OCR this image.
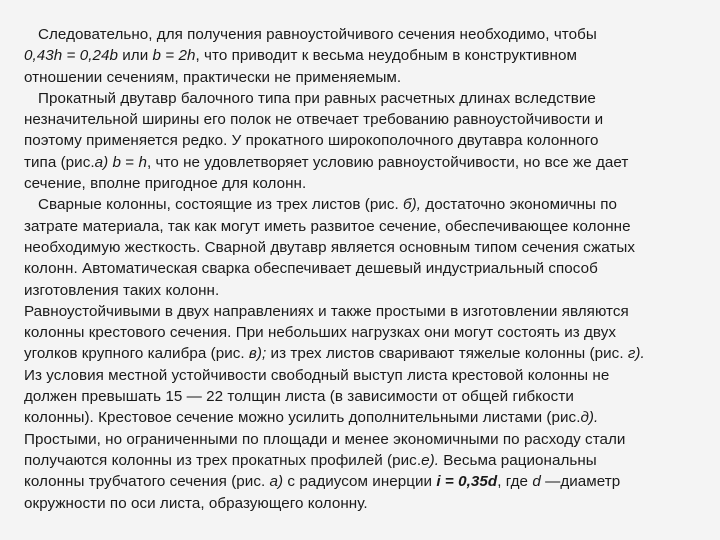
Следовательно, для получения равноустойчивого сечения необходимо, чтобы
0,43h = 0,24b или b = 2h, что приводит к весьма неудобным в конструктивном
отношении сечениям, практически не применяемым.
Прокатный двутавр балочного типа при равных расчетных длинах вследствие
незначительной ширины его полок не отвечает требованию равноустойчивости и
поэтому применяется редко. У прокатного широкополочного двутавра колонного
типа (рис.а) b = h, что не удовлетворяет условию равноустойчивости, но все же дает
сечение, вполне пригодное для колонн.
Сварные колонны, состоящие из трех листов (рис. б), достаточно экономичны по
затрате материала, так как могут иметь развитое сечение, обеспечивающее колонне
необходимую жесткость. Сварной двутавр является основным типом сечения сжатых
колонн. Автоматическая сварка обеспечивает дешевый индустриальный способ
изготовления таких колонн.
Равноустойчивыми в двух направлениях и также простыми в изготовлении являются
колонны крестового сечения. При небольших нагрузках они могут состоять из двух
уголков крупного калибра (рис. в); из трех листов сваривают тяжелые колонны (рис. г).
Из условия местной устойчивости свободный выступ листа крестовой колонны не
должен превышать 15 — 22 толщин листа (в зависимости от общей гибкости
колонны). Крестовое сечение можно усилить дополнительными листами (рис.д).
Простыми, но ограниченными по площади и менее экономичными по расходу стали
получаются колонны из трех прокатных профилей (рис.е). Весьма рациональны
колонны трубчатого сечения (рис. а) с радиусом инерции i = 0,35d, где d —диаметр
окружности по оси листа, образующего колонну.
